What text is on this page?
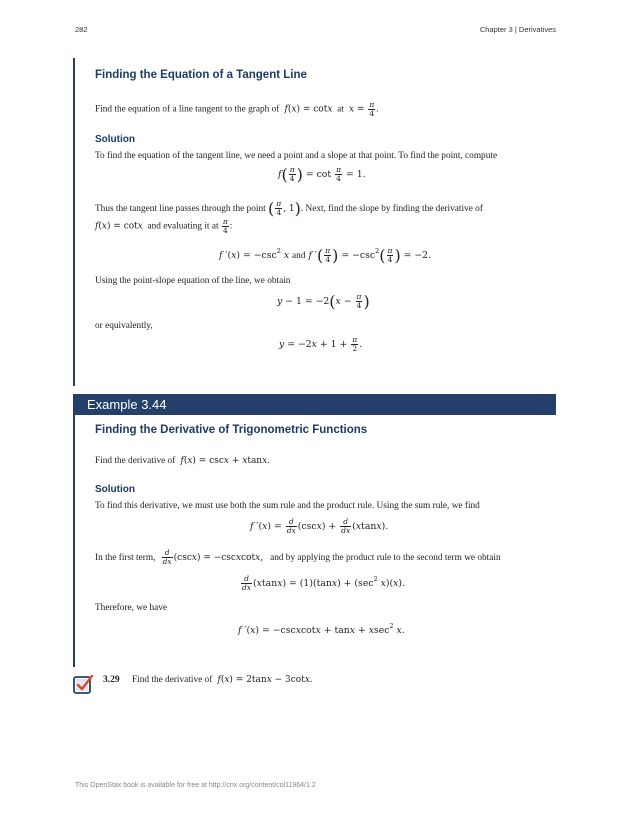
282	Chapter 3 | Derivatives
Finding the Equation of a Tangent Line
Find the equation of a line tangent to the graph of  f(x) = cotx at  $x = \frac{\pi}{4}$ .
Solution
To find the equation of the tangent line, we need a point and a slope at that point. To find the point, compute
$f( \frac{\pi}{4}$ ) = $\cot \frac{\pi}{4} = 1$.
Thus the tangent line passes through the point ( $\frac{\pi}{4}$ , 1). Next, find the slope by finding the derivative of
f(x) = cotx and evaluating it at $\frac{\pi}{4}$ :
f $'(x) = -\csc^2$ x and f ′( $\frac{\pi}{4}$ ) = $-\csc^2( \frac{\pi}{4}$ ) = −2.
Using the point-slope equation of the line, we obtain
$y - 1 = -2(x - \frac{\pi}{4}$ )
or equivalently,
$y = -2x + 1 + \frac{\pi}{2}$ .
Example 3.44
Finding the Derivative of Trigonometric Functions
Find the derivative of  f(x) = cscx + xtanx.
Solution
To find this derivative, we must use both the sum rule and the product rule. Using the sum rule, we find
f $'(x) = \frac{d}{dx} (\csc x) + \frac{d}{dx} (xtanx)$.
In the first term, $\frac{d}{dx} (\csc x)$ = −cscxcotx, and by applying the product rule to the second term we obtain
$\frac{d}{dx} (xtanx) = (1)(\tan x) + (\sec^2$ x)(x).
Therefore, we have
f ′(x) = −cscxcotx + tanx + xsec$^2$ x.
3.29 Find the derivative of  f(x) = 2tanx − 3cotx.
This OpenStax book is available for free at http://cnx.org/content/col11964/1.2
